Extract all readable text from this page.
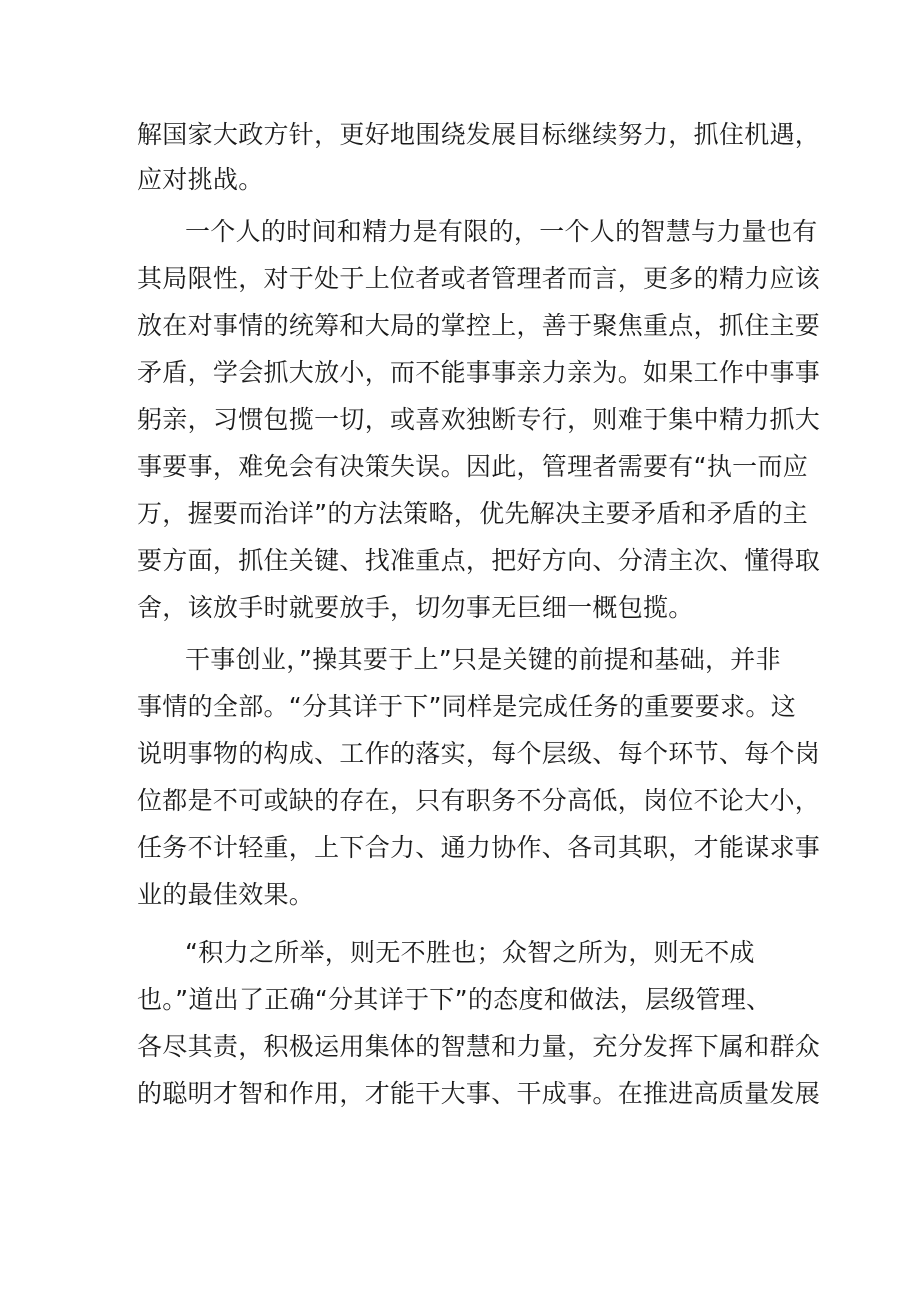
解国家大政方针，更好地围绕发展目标继续努力，抓住机遇，
应对挑战。
一个人的时间和精力是有限的，一个人的智慧与力量也有
其局限性，对于处于上位者或者管理者而言，更多的精力应该
放在对事情的统筹和大局的掌控上，善于聚焦重点，抓住主要
矛盾，学会抓大放小，而不能事事亲力亲为。如果工作中事事
躬亲，习惯包揽一切，或喜欢独断专行，则难于集中精力抓大
事要事，难免会有决策失误。因此，管理者需要有“执一而应
万，握要而治详”的方法策略，优先解决主要矛盾和矛盾的主
要方面，抓住关键、找准重点，把好方向、分清主次、懂得取
舍，该放手时就要放手，切勿事无巨细一概包揽。
干事创业，”操其要于上”只是关键的前提和基础，并非
事情的全部。“分其详于下”同样是完成任务的重要要求。这
说明事物的构成、工作的落实，每个层级、每个环节、每个岗
位都是不可或缺的存在，只有职务不分高低，岗位不论大小，
任务不计轻重，上下合力、通力协作、各司其职，才能谋求事
业的最佳效果。
“积力之所举，则无不胜也；众智之所为，则无不成
也。”道出了正确“分其详于下”的态度和做法，层级管理、
各尽其责，积极运用集体的智慧和力量，充分发挥下属和群众
的聪明才智和作用，才能干大事、干成事。在推进高质量发展
